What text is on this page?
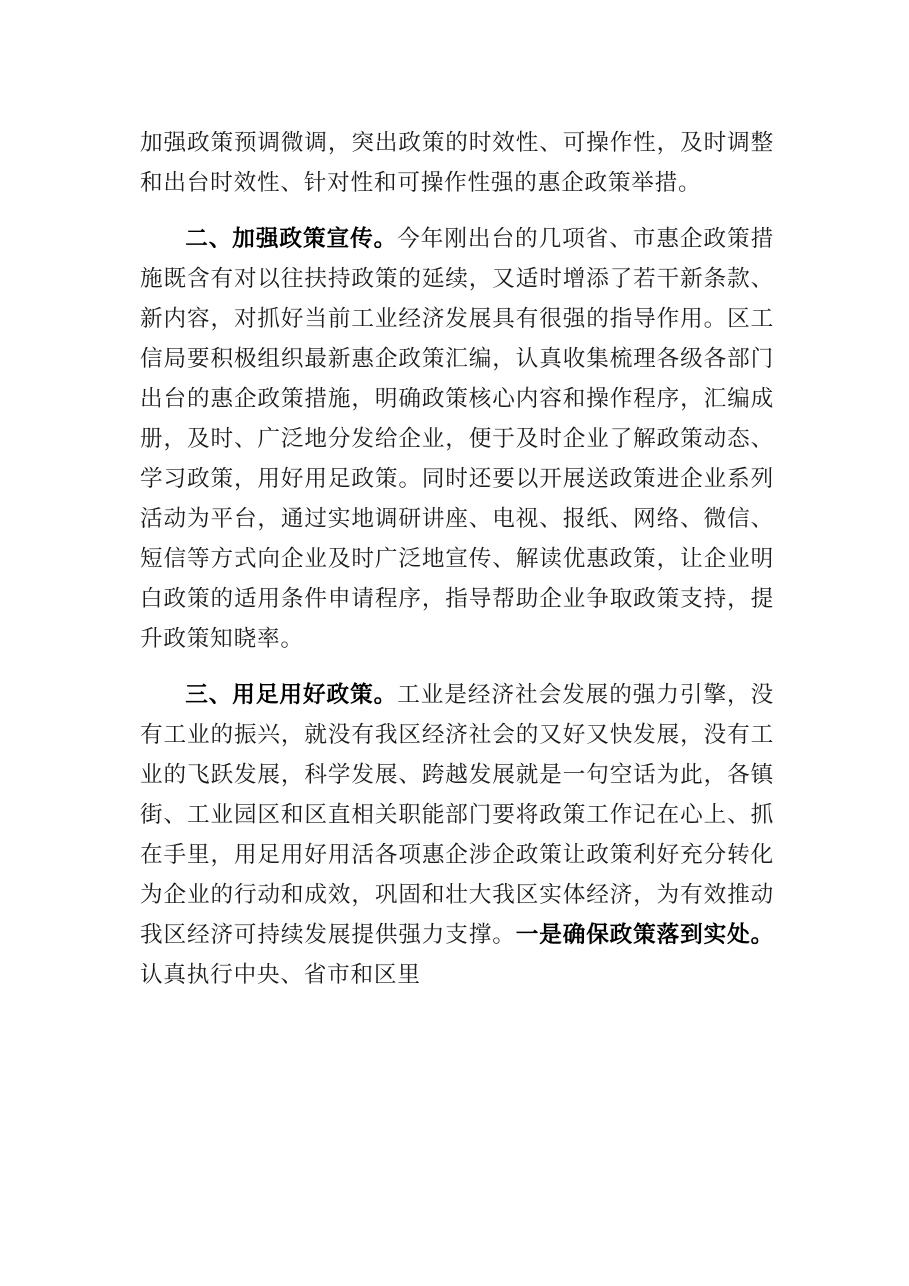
加强政策预调微调，突出政策的时效性、可操作性，及时调整和出台时效性、针对性和可操作性强的惠企政策举措。

二、加强政策宣传。今年刚出台的几项省、市惠企政策措施既含有对以往扶持政策的延续，又适时增添了若干新条款、新内容，对抓好当前工业经济发展具有很强的指导作用。区工信局要积极组织最新惠企政策汇编，认真收集梳理各级各部门出台的惠企政策措施，明确政策核心内容和操作程序，汇编成册，及时、广泛地分发给企业，便于及时企业了解政策动态、学习政策，用好用足政策。同时还要以开展送政策进企业系列活动为平台，通过实地调研讲座、电视、报纸、网络、微信、短信等方式向企业及时广泛地宣传、解读优惠政策，让企业明白政策的适用条件申请程序，指导帮助企业争取政策支持，提升政策知晓率。

三、用足用好政策。工业是经济社会发展的强力引擎，没有工业的振兴，就没有我区经济社会的又好又快发展，没有工业的飞跃发展，科学发展、跨越发展就是一句空话为此，各镇街、工业园区和区直相关职能部门要将政策工作记在心上、抓在手里，用足用好用活各项惠企涉企政策让政策利好充分转化为企业的行动和成效，巩固和壮大我区实体经济，为有效推动我区经济可持续发展提供强力支撑。一是确保政策落到实处。认真执行中央、省市和区里
